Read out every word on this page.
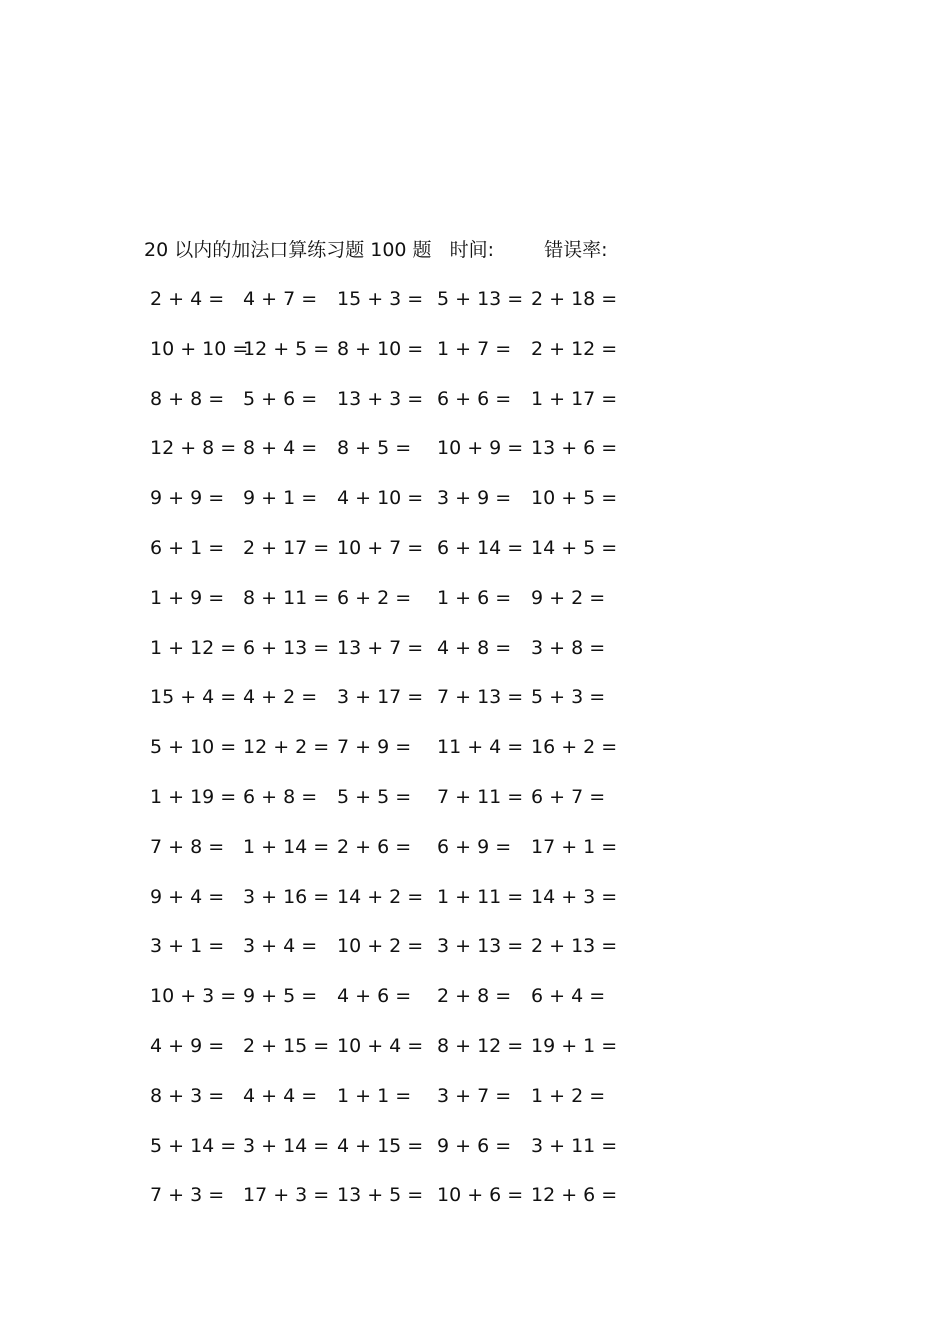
20 以内的加法口算练习题 100 题 时间:	错误率:
2 + 4 = 4 + 7 = 15 + 3 = 5 + 13 = 2 + 18 =
10 + 10 =
12 + 5 = 8 + 10 = 1 + 7 = 2 + 12 =
8 + 8 = 5 + 6 = 13 + 3 = 6 + 6 = 1 + 17 =
12 + 8 = 8 + 4 = 8 + 5 = 10 + 9 = 13 + 6 =
9 + 9 = 9 + 1 = 4 + 10 = 3 + 9 = 10 + 5 =
6 + 1 = 2 + 17 = 10 + 7 = 6 + 14 = 14 + 5 =
1 + 9 = 8 + 11 = 6 + 2 = 1 + 6 = 9 + 2 =
1 + 12 = 6 + 13 = 13 + 7 = 4 + 8 = 3 + 8 =
15 + 4 = 4 + 2 = 3 + 17 = 7 + 13 = 5 + 3 =
5 + 10 = 12 + 2 = 7 + 9 = 11 + 4 = 16 + 2 =
1 + 19 = 6 + 8 = 5 + 5 = 7 + 11 = 6 + 7 =
7 + 8 = 1 + 14 = 2 + 6 = 6 + 9 = 17 + 1 =
9 + 4 = 3 + 16 = 14 + 2 = 1 + 11 = 14 + 3 =
3 + 1 = 3 + 4 = 10 + 2 = 3 + 13 = 2 + 13 =
10 + 3 = 9 + 5 = 4 + 6 = 2 + 8 = 6 + 4 =
4 + 9 = 2 + 15 = 10 + 4 = 8 + 12 = 19 + 1 =
8 + 3 = 4 + 4 = 1 + 1 = 3 + 7 = 1 + 2 =
5 + 14 = 3 + 14 = 4 + 15 = 9 + 6 = 3 + 11 =
7 + 3 = 17 + 3 = 13 + 5 = 10 + 6 = 12 + 6 =
